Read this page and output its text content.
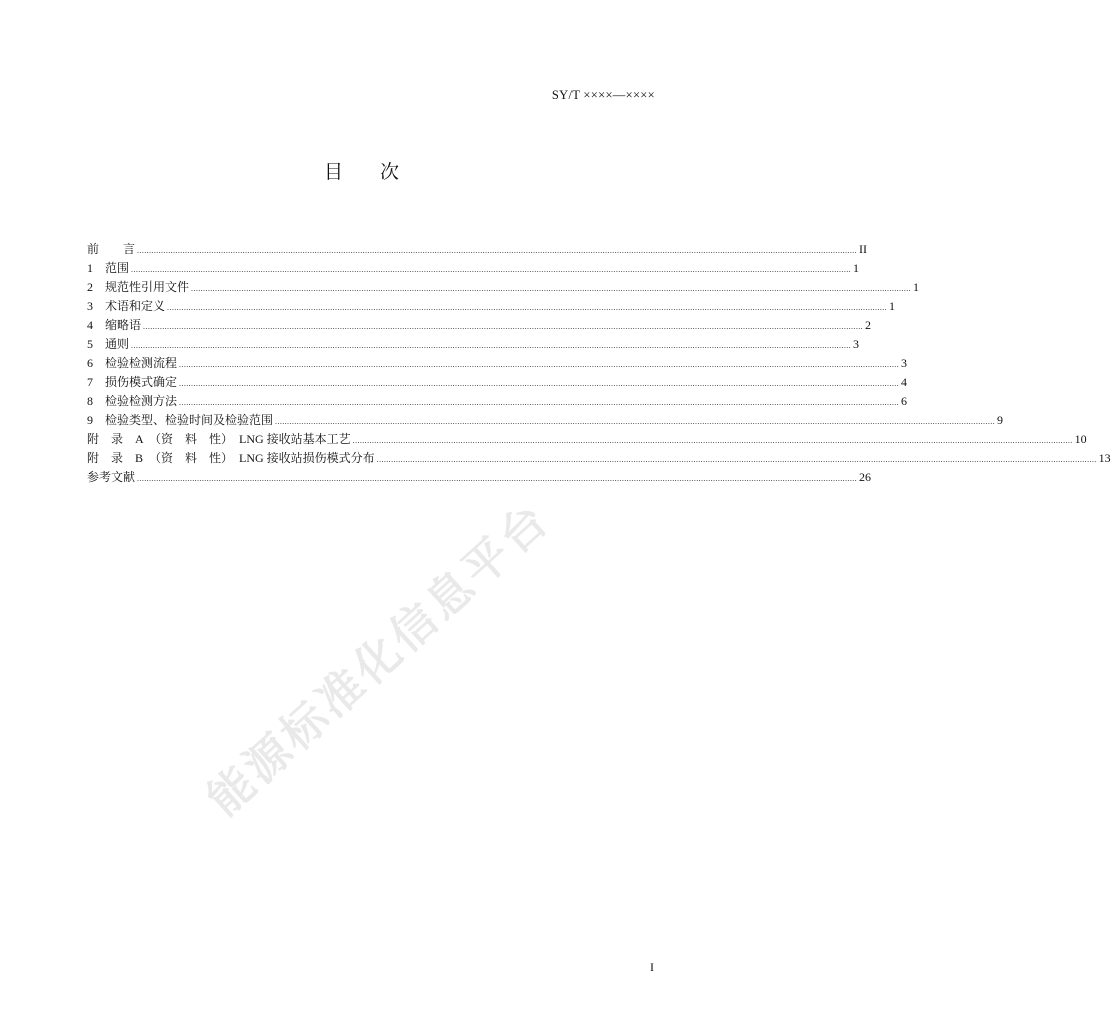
SY/T ××××—××××
目 次
前　　言 ............................................................................................................................................................................................................................................................................................................ II
1　范围 ............................................................................................................................................................................................................................................................................................................ 1
2　规范性引用文件 ............................................................................................................................................................................................................................................................................................................ 1
3　术语和定义 ............................................................................................................................................................................................................................................................................................................ 1
4　缩略语 ............................................................................................................................................................................................................................................................................................................ 2
5　通则 ............................................................................................................................................................................................................................................................................................................ 3
6　检验检测流程 ............................................................................................................................................................................................................................................................................................................ 3
7　损伤模式确定 ............................................................................................................................................................................................................................................................................................................ 4
8　检验检测方法 ............................................................................................................................................................................................................................................................................................................ 6
9　检验类型、检验时间及检验范围 ............................................................................................................................................................................................................................................................................................................ 9
附　录　A　（资　料　性）　LNG 接收站基本工艺 ............................................................................................................................................................................................................................................................................................................ 10
附　录　B　（资　料　性）　LNG 接收站损伤模式分布 ............................................................................................................................................................................................................................................................................................................ 13
参考文献 ............................................................................................................................................................................................................................................................................................................ 26
能源标准化信息平台
I
